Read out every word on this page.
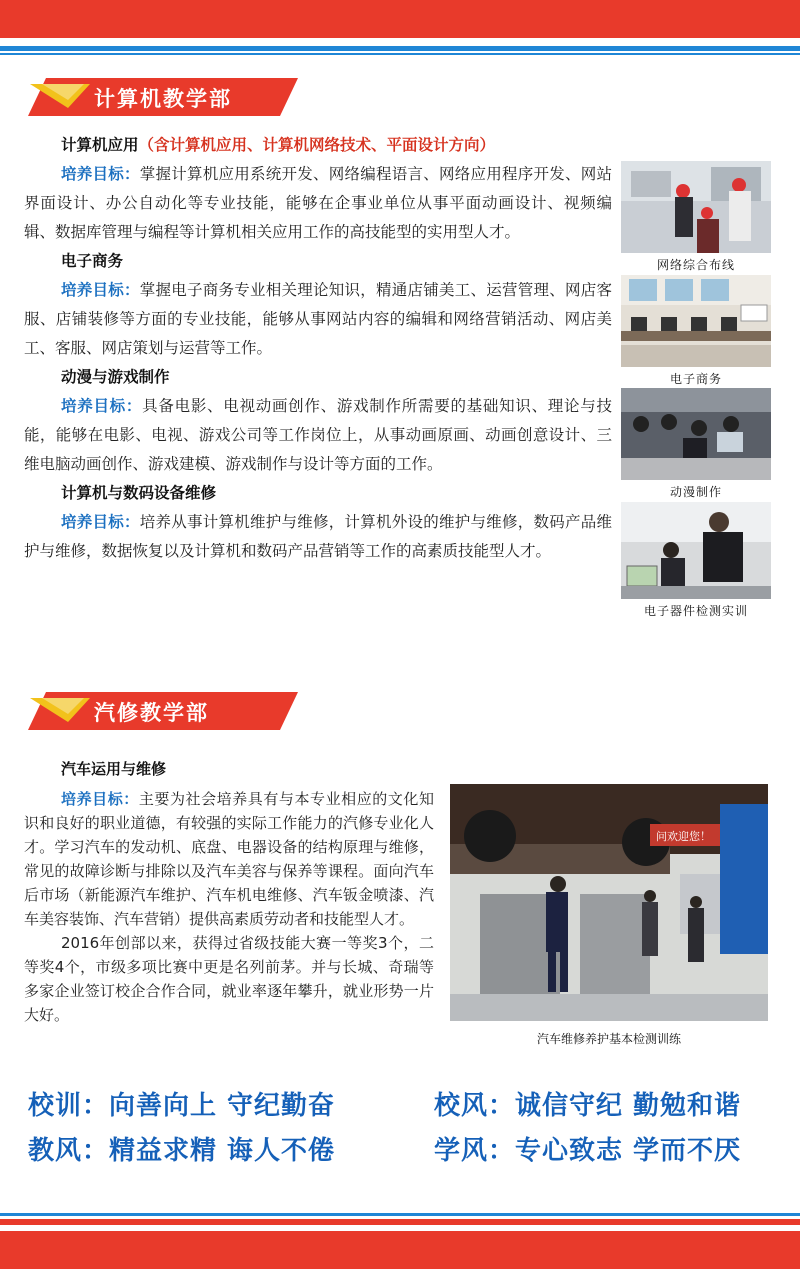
计算机教学部
计算机应用（含计算机应用、计算机网络技术、平面设计方向）
培养目标：掌握计算机应用系统开发、网络编程语言、网络应用程序开发、网站界面设计、办公自动化等专业技能，能够在企事业单位从事平面动画设计、视频编辑、数据库管理与编程等计算机相关应用工作的高技能型的实用型人才。
电子商务
培养目标：掌握电子商务专业相关理论知识，精通店铺美工、运营管理、网店客服、店铺装修等方面的专业技能，能够从事网站内容的编辑和网络营销活动、网店美工、客服、网店策划与运营等工作。
动漫与游戏制作
培养目标：具备电影、电视动画创作、游戏制作所需要的基础知识、理论与技能，能够在电影、电视、游戏公司等工作岗位上，从事动画原画、动画创意设计、三维电脑动画创作、游戏建模、游戏制作与设计等方面的工作。
计算机与数码设备维修
培养目标：培养从事计算机维护与维修，计算机外设的维护与维修，数码产品维护与维修，数据恢复以及计算机和数码产品营销等工作的高素质技能型人才。
网络综合布线
电子商务
动漫制作
电子器件检测实训
汽修教学部
汽车运用与维修
培养目标：主要为社会培养具有与本专业相应的文化知识和良好的职业道德，有较强的实际工作能力的汽修专业化人才。学习汽车的发动机、底盘、电器设备的结构原理与维修，常见的故障诊断与排除以及汽车美容与保养等课程。面向汽车后市场（新能源汽车维护、汽车机电维修、汽车钣金喷漆、汽车美容装饰、汽车营销）提供高素质劳动者和技能型人才。
2016年创部以来，获得过省级技能大赛一等奖3个，二等奖4个，市级多项比赛中更是名列前茅。并与长城、奇瑞等多家企业签订校企合作合同，就业率逐年攀升，就业形势一片大好。
问欢迎您！
汽车维修养护基本检测训练
校训：向善向上 守纪勤奋	校风：诚信守纪 勤勉和谐
教风：精益求精 诲人不倦	学风：专心致志 学而不厌
